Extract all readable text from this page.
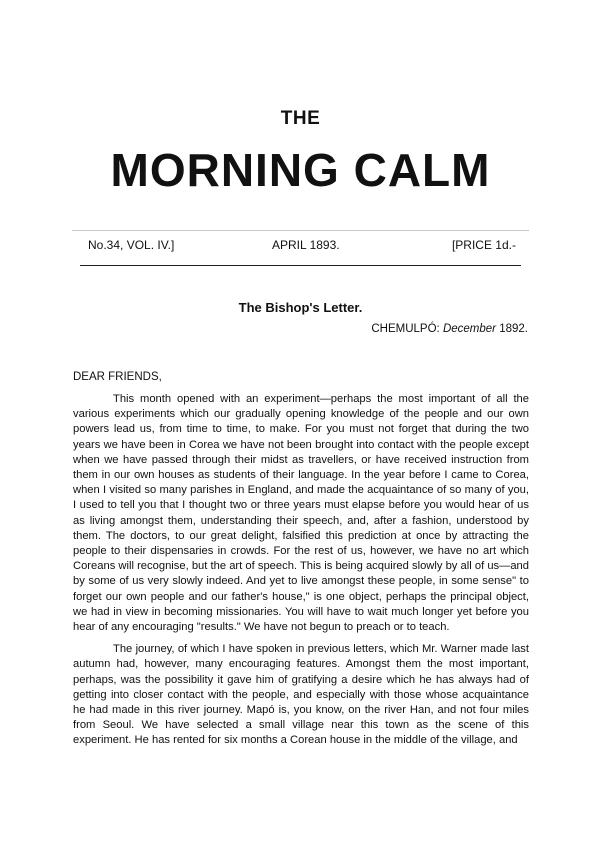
THE
MORNING CALM
No.34, VOL. IV.]	APRIL 1893.	[PRICE 1d.-
The Bishop's Letter.
CHEMULPÓ: December 1892.
DEAR FRIENDS,

This month opened with an experiment—perhaps the most important of all the various experiments which our gradually opening knowledge of the people and our own powers lead us, from time to time, to make. For you must not forget that during the two years we have been in Corea we have not been brought into contact with the people except when we have passed through their midst as travellers, or have received instruction from them in our own houses as students of their language. In the year before I came to Corea, when I visited so many parishes in England, and made the acquaintance of so many of you, I used to tell you that I thought two or three years must elapse before you would hear of us as living amongst them, understanding their speech, and, after a fashion, understood by them. The doctors, to our great delight, falsified this prediction at once by attracting the people to their dispensaries in crowds. For the rest of us, however, we have no art which Coreans will recognise, but the art of speech. This is being acquired slowly by all of us—and by some of us very slowly indeed. And yet to live amongst these people, in some sense" to forget our own people and our father's house," is one object, perhaps the principal object, we had in view in becoming missionaries. You will have to wait much longer yet before you hear of any encouraging "results." We have not begun to preach or to teach.

The journey, of which I have spoken in previous letters, which Mr. Warner made last autumn had, however, many encouraging features. Amongst them the most important, perhaps, was the possibility it gave him of gratifying a desire which he has always had of getting into closer contact with the people, and especially with those whose acquaintance he had made in this river journey. Mapó is, you know, on the river Han, and not four miles from Seoul. We have selected a small village near this town as the scene of this experiment. He has rented for six months a Corean house in the middle of the village, and
